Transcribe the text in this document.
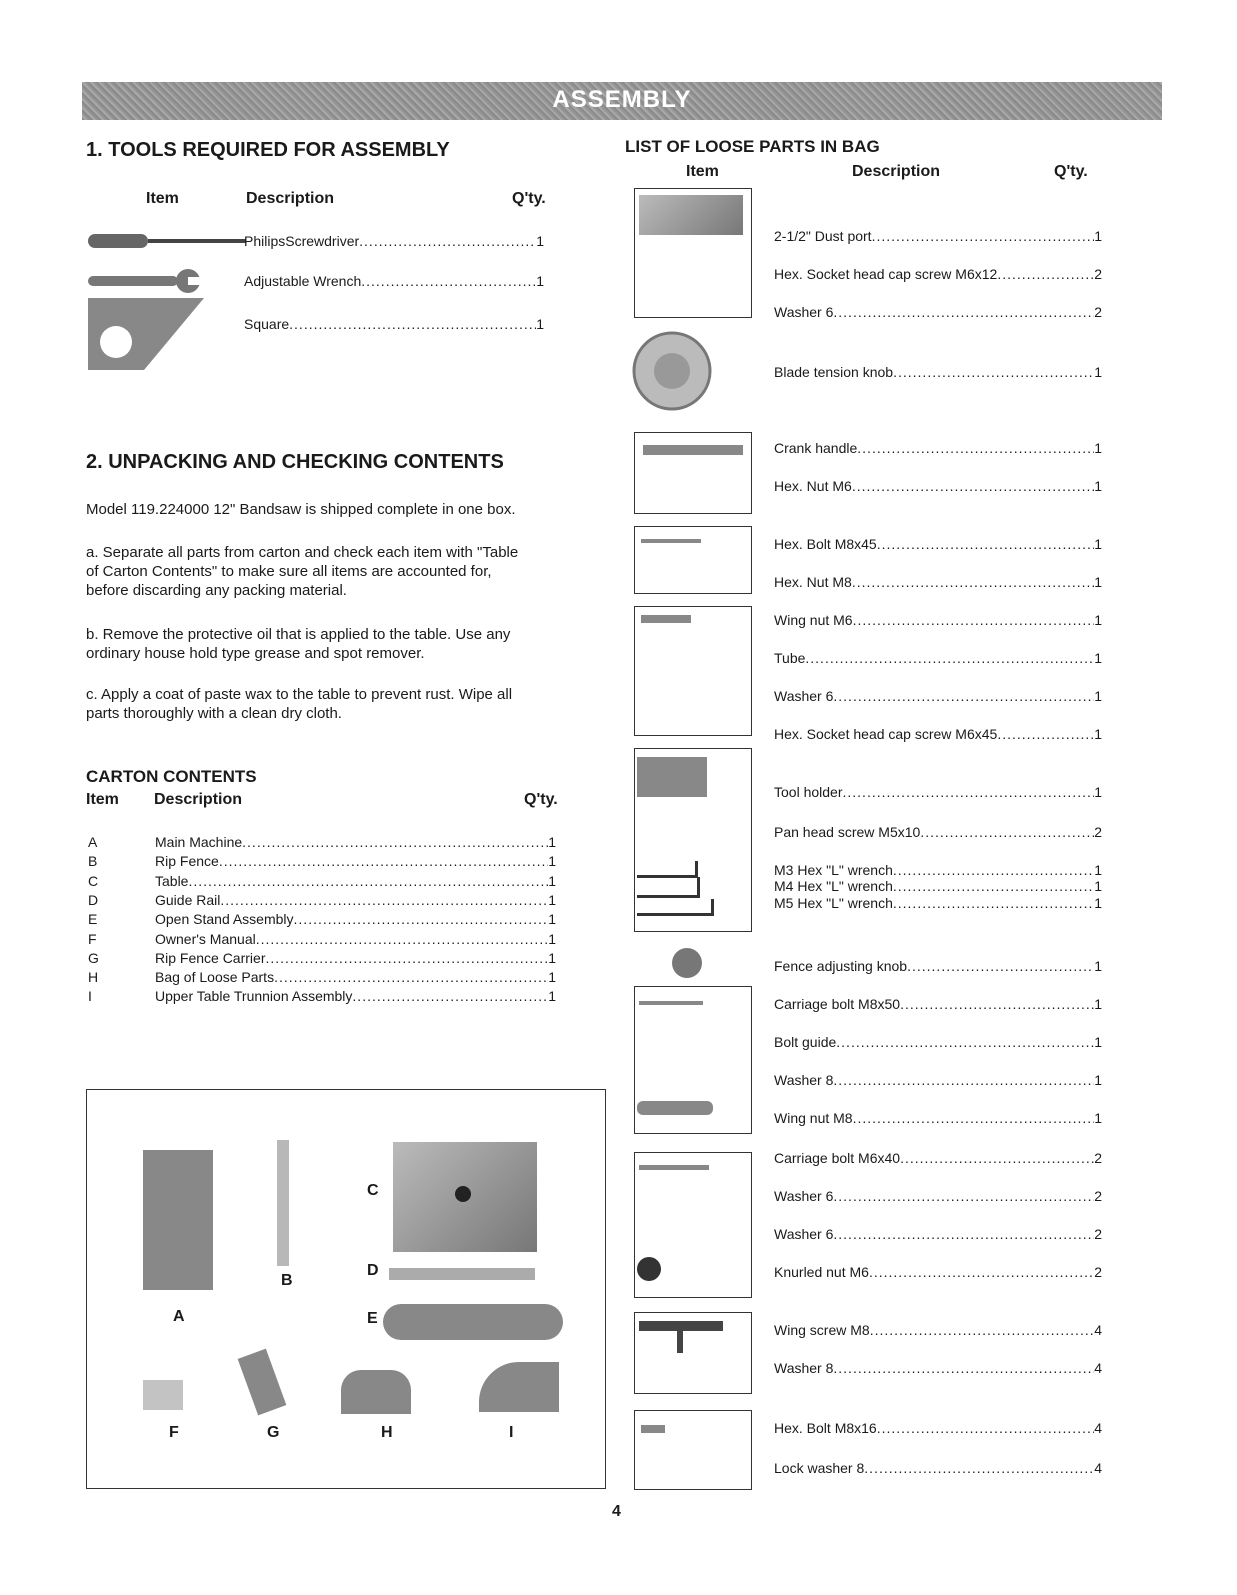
ASSEMBLY
1. TOOLS REQUIRED FOR ASSEMBLY
Item	Description	Q'ty.
PhilipsScrewdriver .....	1
Adjustable Wrench .....	1
Square .....	1
2. UNPACKING AND CHECKING CONTENTS
Model 119.224000 12" Bandsaw is shipped complete in one box.
a. Separate all parts from carton and check each item with "Table
of Carton Contents" to make sure all items are accounted for,
before discarding any packing material.
b. Remove the protective oil that is applied to the table. Use any
ordinary house hold type grease and spot remover.
c. Apply a coat of paste wax to the table to prevent rust. Wipe all
parts thoroughly with a clean dry cloth.
CARTON CONTENTS
Item Description	Q'ty.
A	Main Machine .....	1
B	Rip Fence .....	1
C	Table .....	1
D	Guide Rail .....	1
E	Open Stand Assembly .....	1
F	Owner's Manual .....	1
G	Rip Fence Carrier .....	1
H	Bag of Loose Parts .....	1
I	Upper Table Trunnion Assembly .....	1
A
B
C
D
E
F	G	H	I
LIST OF LOOSE PARTS IN BAG
Item	Description	Q'ty.
2-1/2" Dust port .....	1
Hex. Socket head cap screw M6x12 .....	2
Washer 6 .....	2
Blade tension knob .....	1
Crank handle .....	1
Hex. Nut M6 .....	1
Hex. Bolt M8x45 .....	1
Hex. Nut M8 .....	1
Wing nut M6 .....	1
Tube .....	1
Washer 6 .....	1
Hex. Socket head cap screw M6x45 .....	1
Tool holder .....	1
Pan head screw M5x10 .....	2
M3 Hex "L" wrench .....	1
M4 Hex "L" wrench .....	1
M5 Hex "L" wrench .....	1
Fence adjusting knob .....	1
Carriage bolt M8x50 .....	1
Bolt guide .....	1
Washer 8 .....	1
Wing nut M8 .....	1
Carriage bolt M6x40 .....	2
Washer 6 .....	2
Washer 6 .....	2
Knurled nut M6 .....	2
Wing screw M8 .....	4
Washer 8 .....	4
Hex. Bolt M8x16 .....	4
Lock washer 8 .....	4
4
